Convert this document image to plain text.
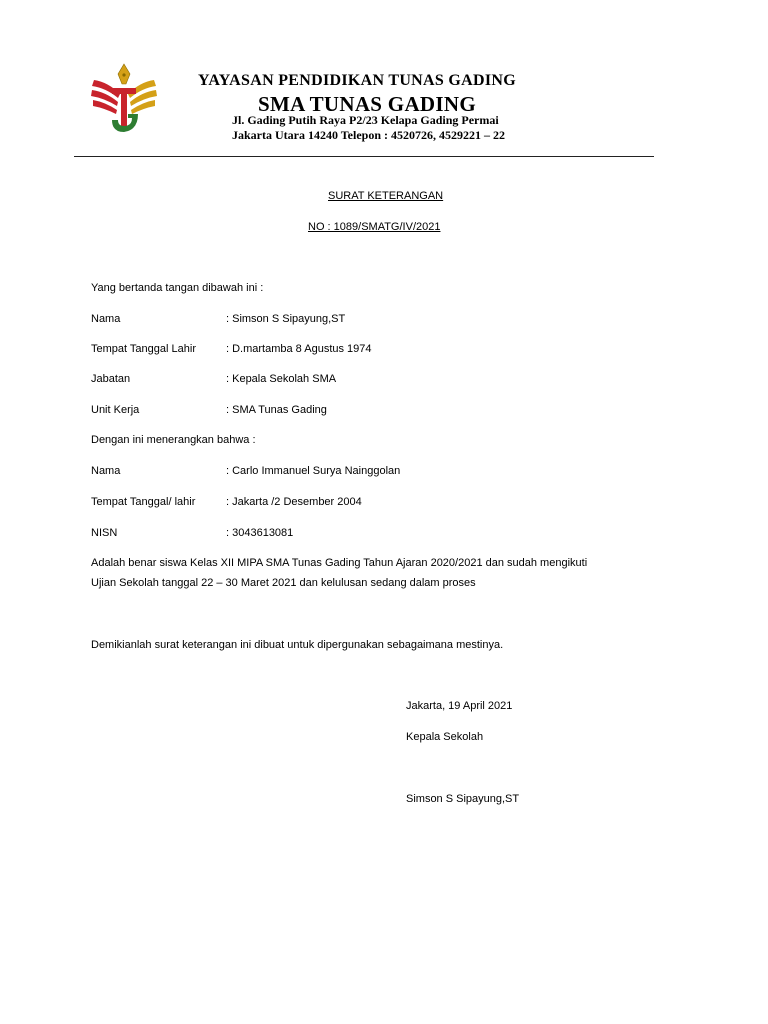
YAYASAN PENDIDIKAN TUNAS GADING
SMA TUNAS GADING
Jl. Gading Putih Raya P2/23 Kelapa Gading Permai
Jakarta Utara 14240 Telepon : 4520726, 4529221 – 22
SURAT KETERANGAN
NO : 1089/SMATG/IV/2021
Yang bertanda tangan dibawah ini :
Nama	: Simson S Sipayung,ST
Tempat Tanggal Lahir	: D.martamba 8 Agustus 1974
Jabatan	: Kepala Sekolah SMA
Unit Kerja	: SMA Tunas Gading
Dengan ini menerangkan bahwa :
Nama	: Carlo Immanuel Surya Nainggolan
Tempat Tanggal/ lahir	: Jakarta /2 Desember 2004
NISN	: 3043613081
Adalah benar siswa Kelas XII MIPA SMA Tunas Gading Tahun Ajaran 2020/2021 dan sudah mengikuti
Ujian Sekolah tanggal 22 – 30 Maret 2021 dan kelulusan sedang dalam proses
Demikianlah surat keterangan ini dibuat untuk dipergunakan sebagaimana mestinya.
Jakarta, 19 April 2021
Kepala Sekolah
Simson S Sipayung,ST
